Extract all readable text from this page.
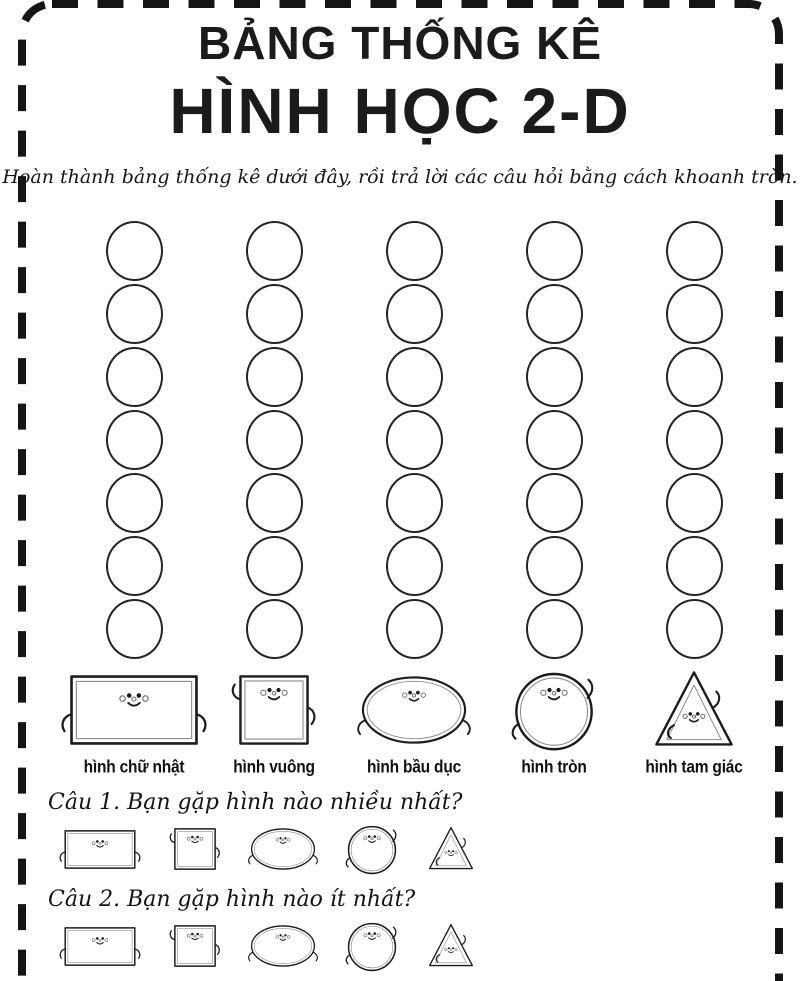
BẢNG THỐNG KÊ
HÌNH HỌC 2-D

Hoàn thành bảng thống kê dưới đây, rồi trả lời các câu hỏi bằng cách khoanh tròn.

hình chữ nhật	hình vuông	hình bầu dục	hình tròn	hình tam giác

Câu 1. Bạn gặp hình nào nhiều nhất?

Câu 2. Bạn gặp hình nào ít nhất?
